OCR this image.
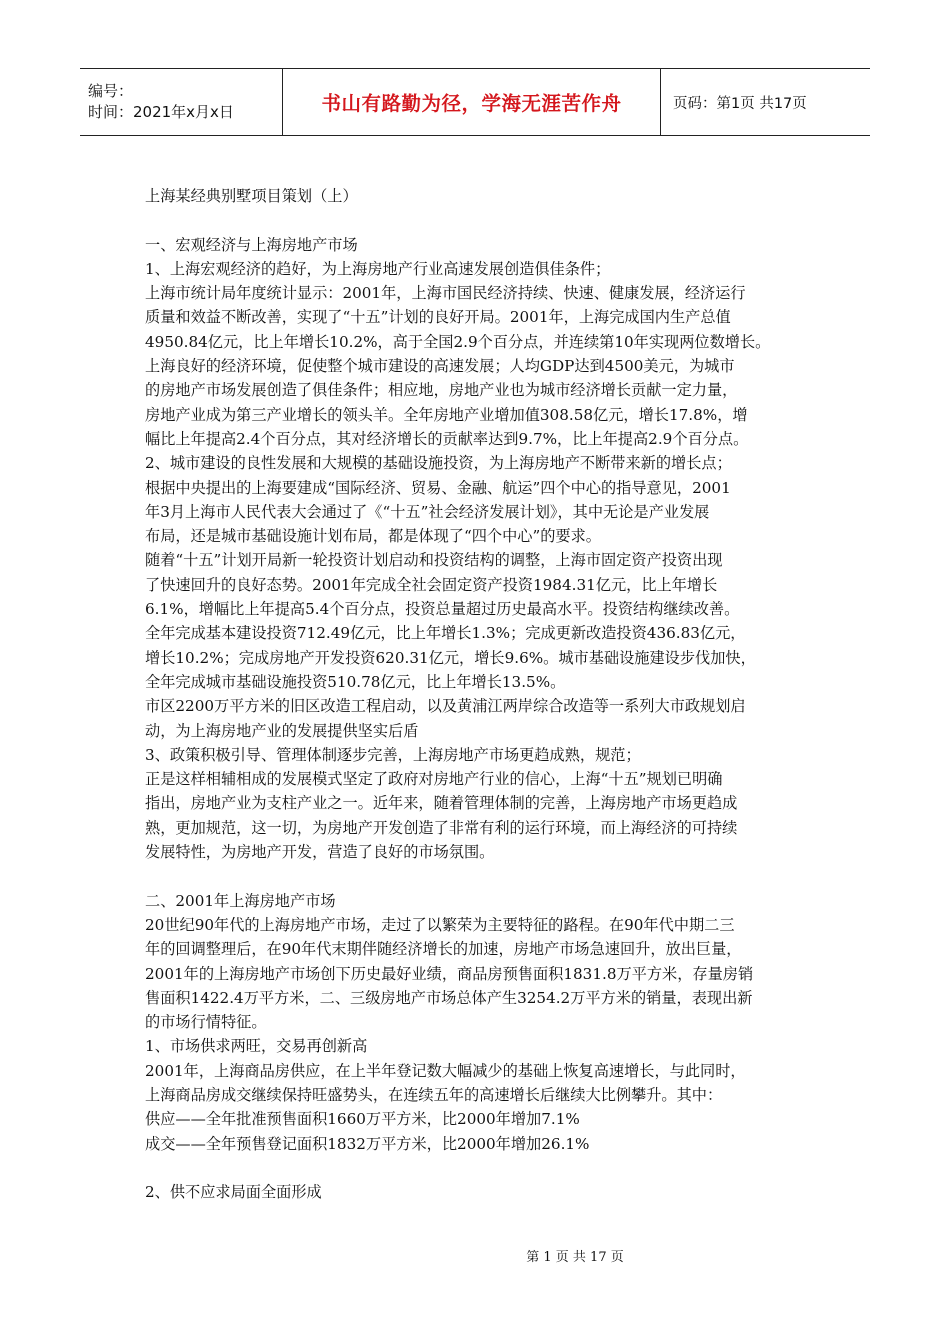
编号：
时间：2021年x月x日	书山有路勤为径，学海无涯苦作舟	页码：第1页 共17页
上海某经典别墅项目策划（上）
一、宏观经济与上海房地产市场
1、上海宏观经济的趋好，为上海房地产行业高速发展创造俱佳条件；
上海市统计局年度统计显示：2001年，上海市国民经济持续、快速、健康发展，经济运行
质量和效益不断改善，实现了“十五”计划的良好开局。2001年，上海完成国内生产总值
4950.84亿元，比上年增长10.2%，高于全国2.9个百分点，并连续第10年实现两位数增长。
上海良好的经济环境，促使整个城市建设的高速发展；人均GDP达到4500美元，为城市
的房地产市场发展创造了俱佳条件；相应地，房地产业也为城市经济增长贡献一定力量，
房地产业成为第三产业增长的领头羊。全年房地产业增加值308.58亿元，增长17.8%，增
幅比上年提高2.4个百分点，其对经济增长的贡献率达到9.7%，比上年提高2.9个百分点。
2、城市建设的良性发展和大规模的基础设施投资，为上海房地产不断带来新的增长点；
根据中央提出的上海要建成“国际经济、贸易、金融、航运”四个中心的指导意见，2001
年3月上海市人民代表大会通过了《“十五”社会经济发展计划》，其中无论是产业发展
布局，还是城市基础设施计划布局，都是体现了“四个中心”的要求。
随着“十五”计划开局新一轮投资计划启动和投资结构的调整，上海市固定资产投资出现
了快速回升的良好态势。2001年完成全社会固定资产投资1984.31亿元，比上年增长
6.1%，增幅比上年提高5.4个百分点，投资总量超过历史最高水平。投资结构继续改善。
全年完成基本建设投资712.49亿元，比上年增长1.3%；完成更新改造投资436.83亿元，
增长10.2%；完成房地产开发投资620.31亿元，增长9.6%。城市基础设施建设步伐加快，
全年完成城市基础设施投资510.78亿元，比上年增长13.5%。
市区2200万平方米的旧区改造工程启动，以及黄浦江两岸综合改造等一系列大市政规划启
动，为上海房地产业的发展提供坚实后盾
3、政策积极引导、管理体制逐步完善，上海房地产市场更趋成熟，规范；
正是这样相辅相成的发展模式坚定了政府对房地产行业的信心，上海“十五”规划已明确
指出，房地产业为支柱产业之一。近年来，随着管理体制的完善，上海房地产市场更趋成
熟，更加规范，这一切，为房地产开发创造了非常有利的运行环境，而上海经济的可持续
发展特性，为房地产开发，营造了良好的市场氛围。
二、2001年上海房地产市场
20世纪90年代的上海房地产市场，走过了以繁荣为主要特征的路程。在90年代中期二三
年的回调整理后，在90年代末期伴随经济增长的加速，房地产市场急速回升，放出巨量，
2001年的上海房地产市场创下历史最好业绩，商品房预售面积1831.8万平方米，存量房销
售面积1422.4万平方米，二、三级房地产市场总体产生3254.2万平方米的销量，表现出新
的市场行情特征。
1、市场供求两旺，交易再创新高
2001年，上海商品房供应，在上半年登记数大幅减少的基础上恢复高速增长，与此同时，
上海商品房成交继续保持旺盛势头，在连续五年的高速增长后继续大比例攀升。其中：
供应——全年批准预售面积1660万平方米，比2000年增加7.1%
成交——全年预售登记面积1832万平方米，比2000年增加26.1%
2、供不应求局面全面形成
第 1 页 共 17 页
